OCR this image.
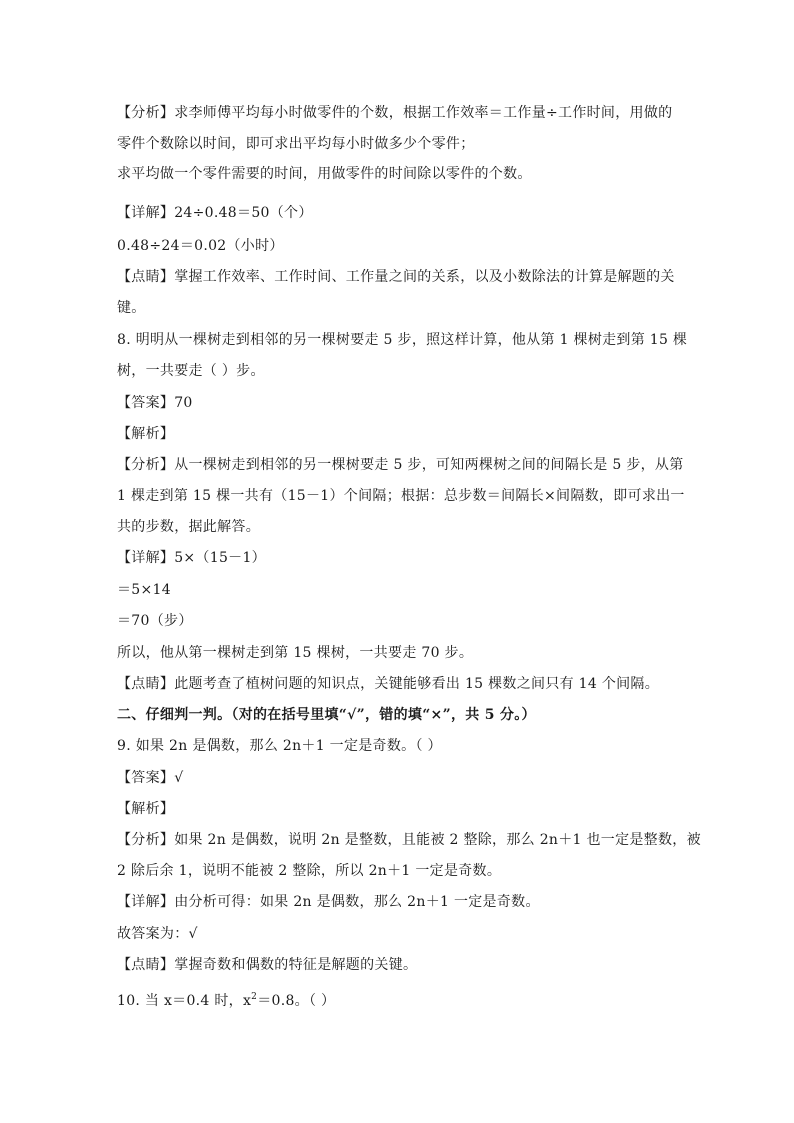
【分析】求李师傅平均每小时做零件的个数，根据工作效率＝工作量÷工作时间，用做的
零件个数除以时间，即可求出平均每小时做多少个零件；
求平均做一个零件需要的时间，用做零件的时间除以零件的个数。
【详解】24÷0.48＝50（个）
0.48÷24＝0.02（小时）
【点睛】掌握工作效率、工作时间、工作量之间的关系，以及小数除法的计算是解题的关
键。
8. 明明从一棵树走到相邻的另一棵树要走 5 步，照这样计算，他从第 1 棵树走到第 15 棵
树，一共要走（ ）步。
【答案】70
【解析】
【分析】从一棵树走到相邻的另一棵树要走 5 步，可知两棵树之间的间隔长是 5 步，从第
1 棵走到第 15 棵一共有（15－1）个间隔；根据：总步数＝间隔长×间隔数，即可求出一
共的步数，据此解答。
【详解】5×（15－1）
＝5×14
＝70（步）
所以，他从第一棵树走到第 15 棵树，一共要走 70 步。
【点睛】此题考查了植树问题的知识点，关键能够看出 15 棵数之间只有 14 个间隔。
二、仔细判一判。（对的在括号里填“√”，错的填“×”，共 5 分。）
9. 如果 2n 是偶数，那么 2n＋1 一定是奇数。（ ）
【答案】√
【解析】
【分析】如果 2n 是偶数，说明 2n 是整数，且能被 2 整除，那么 2n＋1 也一定是整数，被
2 除后余 1，说明不能被 2 整除，所以 2n＋1 一定是奇数。
【详解】由分析可得：如果 2n 是偶数，那么 2n＋1 一定是奇数。
故答案为：√
【点睛】掌握奇数和偶数的特征是解题的关键。
10. 当 x＝0.4 时，$x^2=0.8$。（ ）
